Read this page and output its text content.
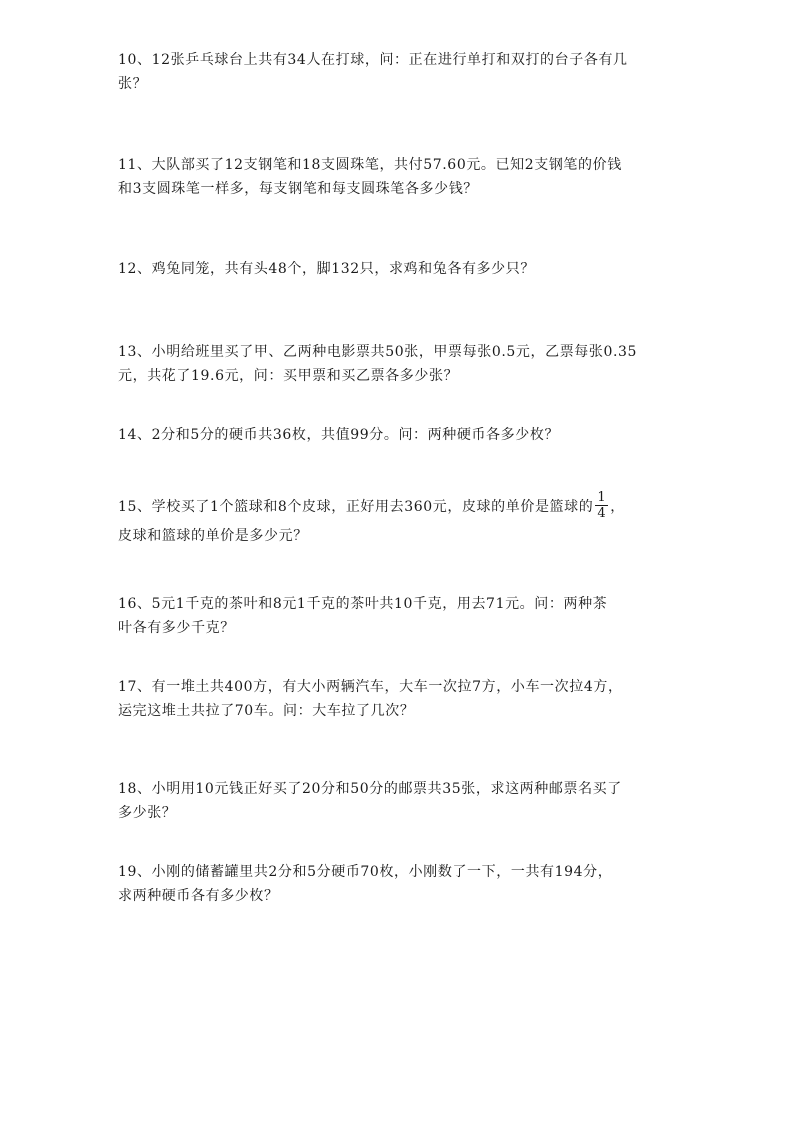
10、12张乒乓球台上共有34人在打球，问：正在进行单打和双打的台子各有几
张？
11、大队部买了12支钢笔和18支圆珠笔，共付57.60元。已知2支钢笔的价钱
和3支圆珠笔一样多，每支钢笔和每支圆珠笔各多少钱？
12、鸡兔同笼，共有头48个，脚132只，求鸡和兔各有多少只？
13、小明给班里买了甲、乙两种电影票共50张，甲票每张0.5元，乙票每张0.35
元，共花了19.6元，问：买甲票和买乙票各多少张？
14、2分和5分的硬币共36枚，共值99分。问：两种硬币各多少枚？
15、学校买了1个篮球和8个皮球，正好用去360元，皮球的单价是篮球的 $\frac{1}{4}$ ，
皮球和篮球的单价是多少元？
16、5元1千克的茶叶和8元1千克的茶叶共10千克，用去71元。问：两种茶
叶各有多少千克？
17、有一堆土共400方，有大小两辆汽车，大车一次拉7方，小车一次拉4方，
运完这堆土共拉了70车。问：大车拉了几次？
18、小明用10元钱正好买了20分和50分的邮票共35张，求这两种邮票名买了
多少张？
19、小刚的储蓄罐里共2分和5分硬币70枚，小刚数了一下，一共有194分，
求两种硬币各有多少枚？
